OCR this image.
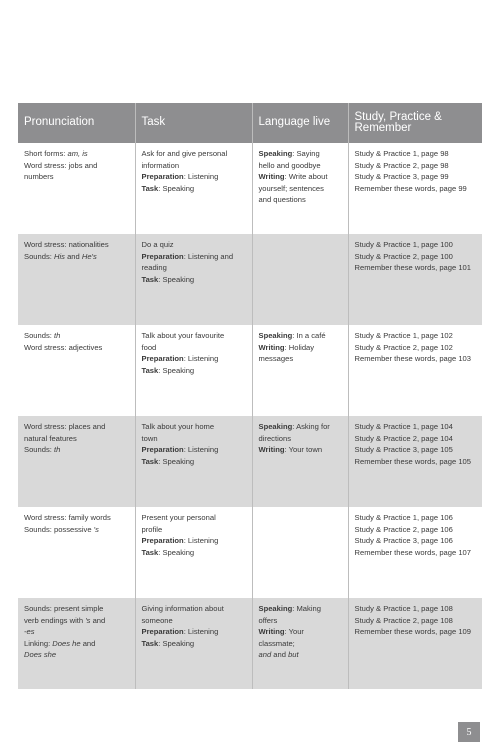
Pronunciation	Task	Language live	Study, Practice &
Remember

Short forms: am, is
Word stress: jobs and
numbers	Ask for and give personal
information
Preparation: Listening
Task: Speaking	Speaking: Saying
hello and goodbye
Writing: Write about
yourself; sentences
and questions	Study & Practice 1, page 98
Study & Practice 2, page 98
Study & Practice 3, page 99
Remember these words, page 99

Word stress: nationalities
Sounds: His and He's	Do a quiz
Preparation: Listening and
reading
Task: Speaking		Study & Practice 1, page 100
Study & Practice 2, page 100
Remember these words, page 101

Sounds: th
Word stress: adjectives	Talk about your favourite
food
Preparation: Listening
Task: Speaking	Speaking: In a café
Writing: Holiday
messages	Study & Practice 1, page 102
Study & Practice 2, page 102
Remember these words, page 103

Word stress: places and
natural features
Sounds: th	Talk about your home
town
Preparation: Listening
Task: Speaking	Speaking: Asking for
directions
Writing: Your town	Study & Practice 1, page 104
Study & Practice 2, page 104
Study & Practice 3, page 105
Remember these words, page 105

Word stress: family words
Sounds: possessive 's	Present your personal
profile
Preparation: Listening
Task: Speaking		Study & Practice 1, page 106
Study & Practice 2, page 106
Study & Practice 3, page 106
Remember these words, page 107

Sounds: present simple
verb endings with 's and
-es
Linking: Does he and
Does she	Giving information about
someone
Preparation: Listening
Task: Speaking	Speaking: Making
offers
Writing: Your
classmate;
and and but	Study & Practice 1, page 108
Study & Practice 2, page 108
Remember these words, page 109
5
